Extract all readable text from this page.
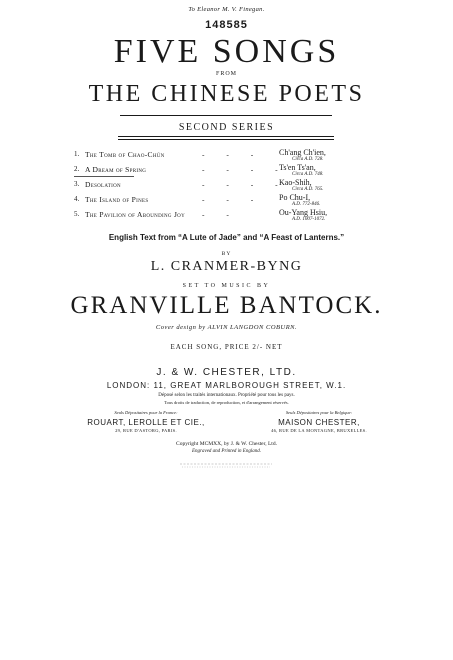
To Eleanor M. V. Finegan.
148585
FIVE SONGS
FROM
THE CHINESE POETS
SECOND SERIES
1. The Tomb of Chao-Chün	- - - Ch'ang Ch'ien,
Circa A.D. 728.
2. A Dream of Spring	- - - -
Ts'en Ts'an,
Circa A.D. 748.
3. Desolation	- - - -
Kao-Shih,
Circa A.D. 765.
4. The Island of Pines	- - - Po Chu-I,
A.D. 772-846.
5. The Pavilion of Abounding Joy - -	Ou-Yang Hsiu,
A.D. 1007-1072.
English Text from “A Lute of Jade” and “A Feast of Lanterns.”
BY
L. CRANMER-BYNG
SET TO MUSIC BY
GRANVILLE BANTOCK.
Cover design by ALVIN LANGDON COBURN.
EACH SONG, PRICE 2/- NET
J. & W. CHESTER, LTD.
LONDON: 11, GREAT MARLBOROUGH STREET, W.1.
Déposé selon les traités internationaux. Propriété pour tous les pays.
Tous droits de traduction, de reproduction, et d'arrangement réservés.
Seuls Dépositaires pour la France:
ROUART, LEROLLE ET CIE.,
29, RUE D'ASTORG, PARIS.
Seuls Dépositaires pour la Belgique:
MAISON CHESTER,
46, RUE DE LA MONTAGNE, BRUXELLES.
Copyright MCMXX, by J. & W. Chester, Ltd.
Engraved and Printed in England.
